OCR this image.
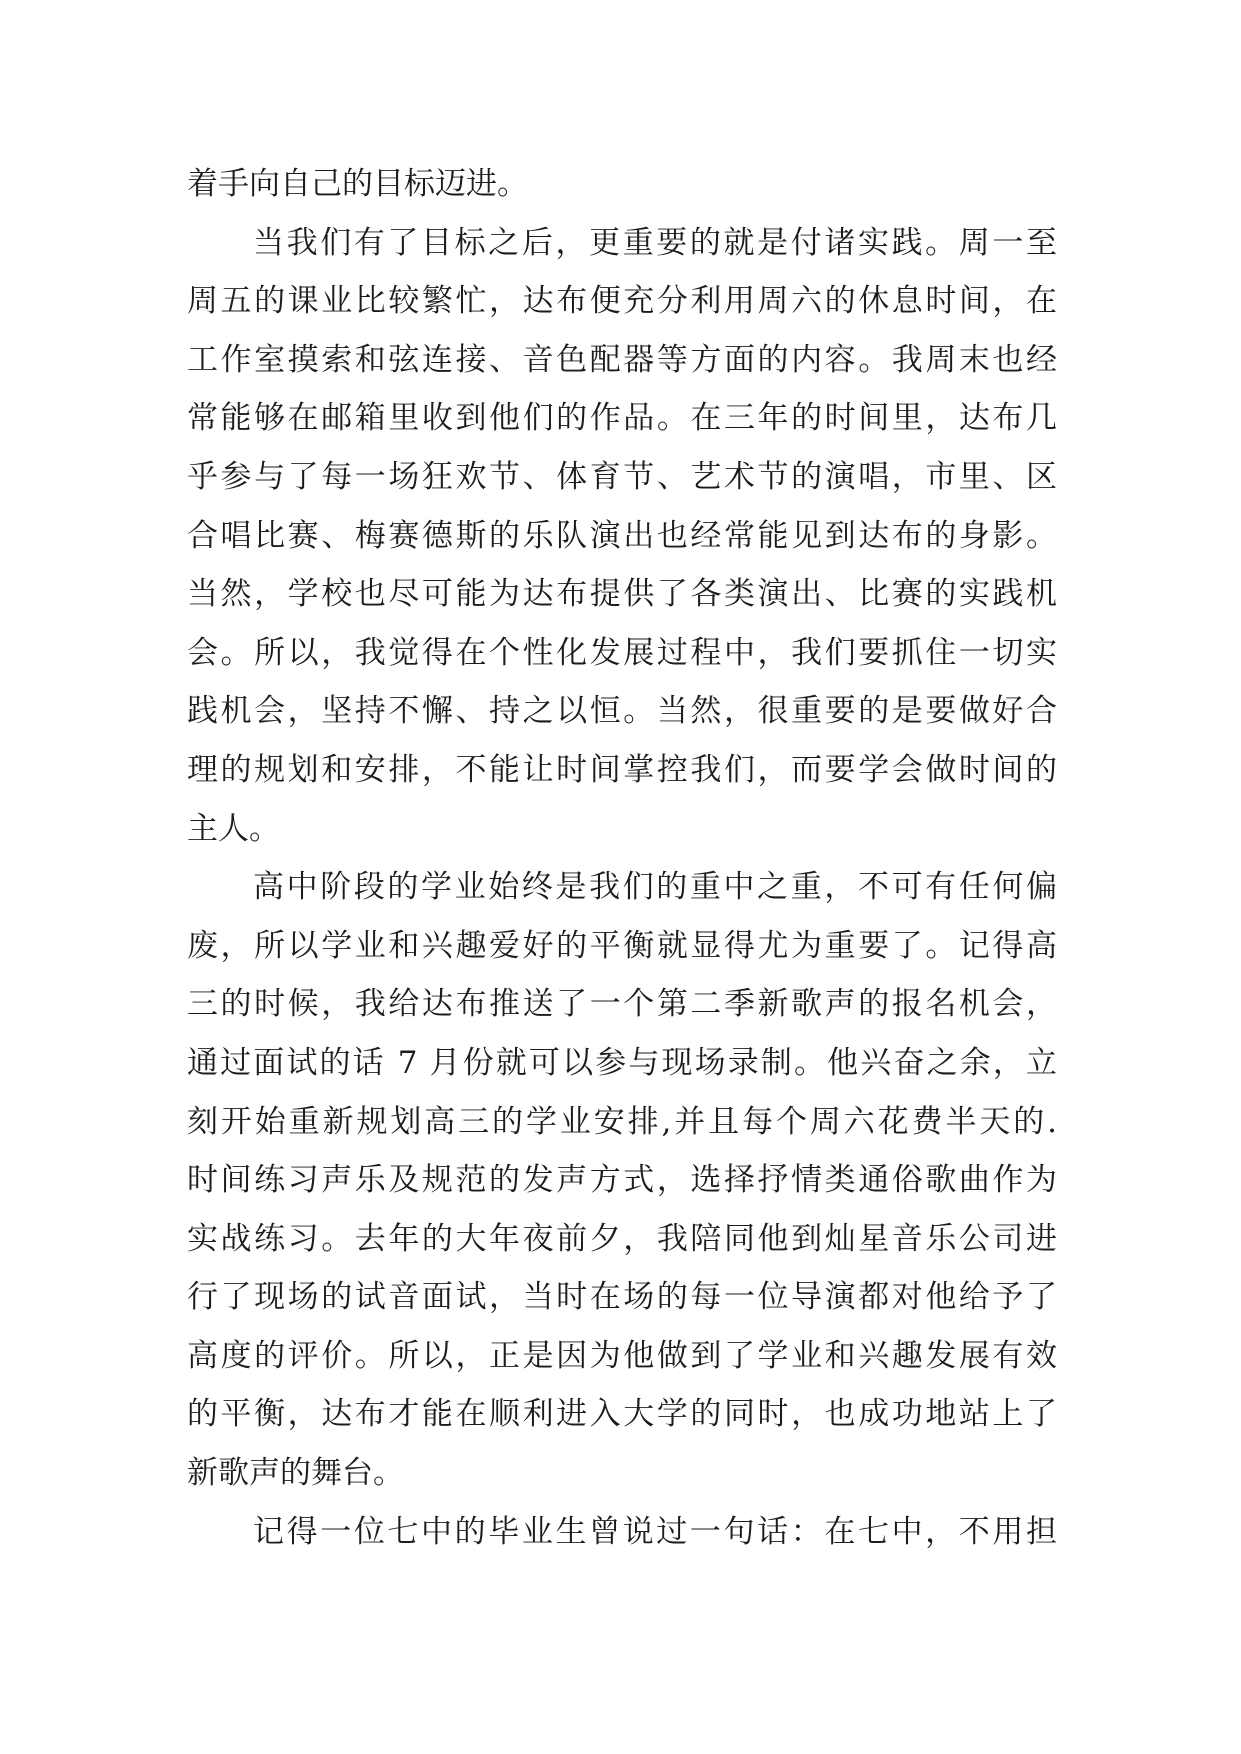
着手向自己的目标迈进。
当我们有了目标之后，更重要的就是付诸实践。周一至
周五的课业比较繁忙，达布便充分利用周六的休息时间，在
工作室摸索和弦连接、音色配器等方面的内容。我周末也经
常能够在邮箱里收到他们的作品。在三年的时间里，达布几
乎参与了每一场狂欢节、体育节、艺术节的演唱，市里、区
合唱比赛、梅赛德斯的乐队演出也经常能见到达布的身影。
当然，学校也尽可能为达布提供了各类演出、比赛的实践机
会。所以，我觉得在个性化发展过程中，我们要抓住一切实
践机会，坚持不懈、持之以恒。当然，很重要的是要做好合
理的规划和安排，不能让时间掌控我们，而要学会做时间的
主人。
高中阶段的学业始终是我们的重中之重，不可有任何偏
废，所以学业和兴趣爱好的平衡就显得尤为重要了。记得高
三的时候，我给达布推送了一个第二季新歌声的报名机会，
通过面试的话 7 月份就可以参与现场录制。他兴奋之余，立
刻开始重新规划高三的学业安排,并且每个周六花费半天的.
时间练习声乐及规范的发声方式，选择抒情类通俗歌曲作为
实战练习。去年的大年夜前夕，我陪同他到灿星音乐公司进
行了现场的试音面试，当时在场的每一位导演都对他给予了
高度的评价。所以，正是因为他做到了学业和兴趣发展有效
的平衡，达布才能在顺利进入大学的同时，也成功地站上了
新歌声的舞台。
记得一位七中的毕业生曾说过一句话：在七中，不用担
